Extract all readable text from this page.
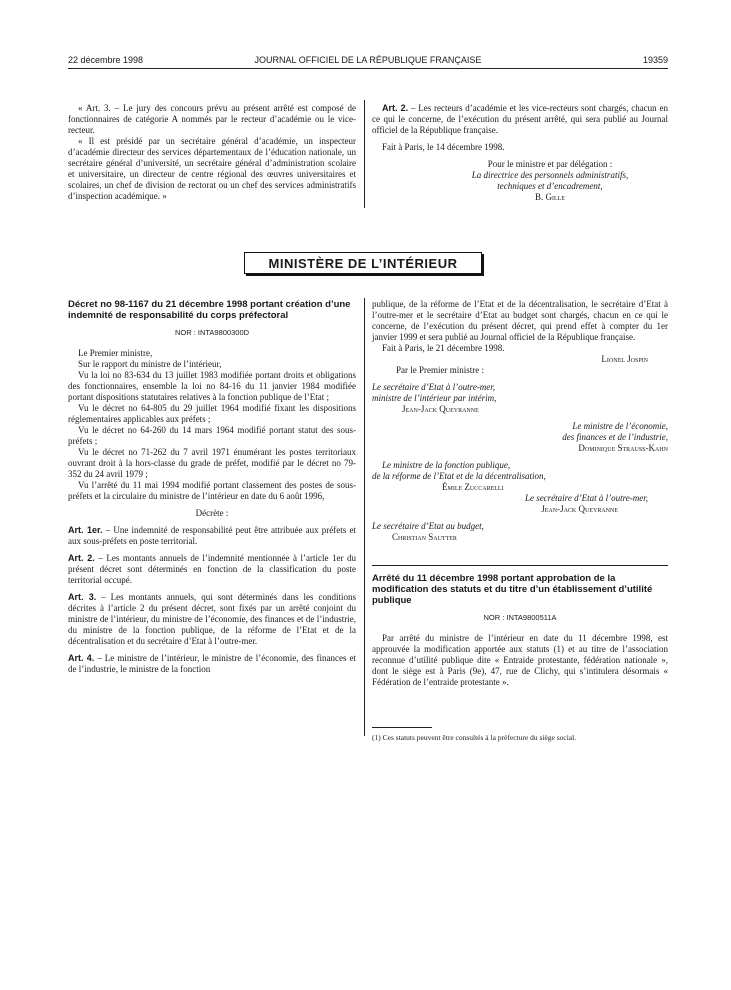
22 décembre 1998	JOURNAL OFFICIEL DE LA RÉPUBLIQUE FRANÇAISE	19359

« Art. 3. – Le jury des concours prévu au présent arrêté est composé de fonctionnaires de catégorie A nommés par le recteur d’académie ou le vice-recteur.

« Il est présidé par un secrétaire général d’académie, un inspecteur d’académie directeur des services départementaux de l’éducation nationale, un secrétaire général d’université, un secrétaire général d’administration scolaire et universitaire, un directeur de centre régional des œuvres universitaires et scolaires, un chef de division de rectorat ou un chef des services administratifs d’inspection académique. »

Art. 2. – Les recteurs d’académie et les vice-recteurs sont chargés, chacun en ce qui le concerne, de l’exécution du présent arrêté, qui sera publié au Journal officiel de la République française.

Fait à Paris, le 14 décembre 1998.

Pour le ministre et par délégation :

La directrice des personnels administratifs,

techniques et d’encadrement,

B. Gille

MINISTÈRE DE L’INTÉRIEUR
Décret no 98-1167 du 21 décembre 1998 portant création d’une indemnité de responsabilité du corps préfectoral
NOR : INTA9800300D

Le Premier ministre,

Sur le rapport du ministre de l’intérieur,

Vu la loi no 83-634 du 13 juillet 1983 modifiée portant droits et obligations des fonctionnaires, ensemble la loi no 84-16 du 11 janvier 1984 modifiée portant dispositions statutaires relatives à la fonction publique de l’Etat ;

Vu le décret no 64-805 du 29 juillet 1964 modifié fixant les dispositions réglementaires applicables aux préfets ;

Vu le décret no 64-260 du 14 mars 1964 modifié portant statut des sous-préfets ;

Vu le décret no 71-262 du 7 avril 1971 énumérant les postes territoriaux ouvrant droit à la hors-classe du grade de préfet, modifié par le décret no 79-352 du 24 avril 1979 ;

Vu l’arrêté du 11 mai 1994 modifié portant classement des postes de sous-préfets et la circulaire du ministre de l’intérieur en date du 6 août 1996,

Décrète :

Art. 1er. – Une indemnité de responsabilité peut être attribuée aux préfets et aux sous-préfets en poste territorial.

Art. 2. – Les montants annuels de l’indemnité mentionnée à l’article 1er du présent décret sont déterminés en fonction de la classification du poste territorial occupé.

Art. 3. – Les montants annuels, qui sont déterminés dans les conditions décrites à l’article 2 du présent décret, sont fixés par un arrêté conjoint du ministre de l’intérieur, du ministre de l’économie, des finances et de l’industrie, du ministre de la fonction publique, de la réforme de l’Etat et de la décentralisation et du secrétaire d’Etat à l’outre-mer.

Art. 4. – Le ministre de l’intérieur, le ministre de l’économie, des finances et de l’industrie, le ministre de la fonction

publique, de la réforme de l’Etat et de la décentralisation, le secrétaire d’Etat à l’outre-mer et le secrétaire d’Etat au budget sont chargés, chacun en ce qui le concerne, de l’exécution du présent décret, qui prend effet à compter du 1er janvier 1999 et sera publié au Journal officiel de la République française.

Fait à Paris, le 21 décembre 1998.

Lionel Jospin

Par le Premier ministre :

Le secrétaire d’Etat à l’outre-mer,

ministre de l’intérieur par intérim,

Jean-Jack Queyranne

Le ministre de l’économie,

des finances et de l’industrie,

Dominique Strauss-Kahn

Le ministre de la fonction publique,

de la réforme de l’Etat et de la décentralisation,

Émile Zuccarelli

Le secrétaire d’Etat à l’outre-mer,

Jean-Jack Queyranne

Le secrétaire d’Etat au budget,

Christian Sautter

Arrêté du 11 décembre 1998 portant approbation de la modification des statuts et du titre d’un établissement d’utilité publique
NOR : INTA9800511A

Par arrêté du ministre de l’intérieur en date du 11 décembre 1998, est approuvée la modification apportée aux statuts (1) et au titre de l’association reconnue d’utilité publique dite « Entraide protestante, fédération nationale », dont le siège est à Paris (9e), 47, rue de Clichy, qui s’intitulera désormais « Fédération de l’entraide protestante ».

(1) Ces statuts peuvent être consultés à la préfecture du siège social.
